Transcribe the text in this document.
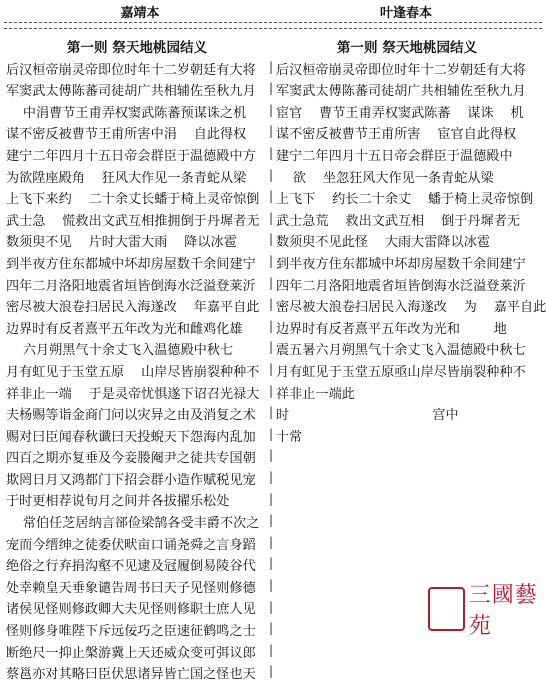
嘉靖本	叶逢春本
第一则 祭天地桃园结义
后汉桓帝崩灵帝即位时年十二岁朝廷有大将
军窦武太傅陈蕃司徒胡广共相辅佐至秋九月
中涓曹节王甫弄权窦武陈蕃预谋诛之机
谋不密反被曹节王甫所害中涓    自此得权
建宁二年四月十五日帝会群臣于温德殿中方
为欲陞座殿角    狂风大作见一条青蛇从梁
上飞下来约    二十余丈长蟠于椅上灵帝惊倒
武士急    慌救出文武互相推拥倒于丹墀者无
数须臾不见    片时大雷大雨    降以冰雹
到半夜方住东都城中坏却房屋数千余间建宁
四年二月洛阳地震省垣皆倒海水泛溢登莱沂
密尽被大浪卷扫居民入海遂改    年嘉平自此
边界时有反者熹平五年改为光和雌鸡化雄
六月朔黑气十余丈飞入温德殿中秋七
月有虹见于玉堂五原    山岸尽皆崩裂种种不
祥非止一端    于是灵帝忧惧遂下诏召光禄大
夫杨赐等诣金商门问以灾异之由及消复之术
赐对曰臣闻春秋谶曰天投蜺天下怨海内乱加
四百之期亦复垂及今妾媵阉尹之徒共专国朝
欺罔日月又鸿都门下招会群小造作赋税见宠
于时更相荐说旬月之间并各拔擢乐松处
常伯任芝居纳言郤俭梁鹄各受丰爵不次之
宠而今缙绅之徒委伏畎亩口诵尧舜之言身蹈
绝俗之行弃捐沟壑不见逮及冠履倒易陵谷代
处幸赖皇天垂象谴告周书曰天子见怪则修德
诸侯见怪则修政卿大夫见怪则修职士庶人见
怪则修身唯陛下斥远佞巧之臣速征鹤鸣之士
断绝尺一抑止槃游冀上天还威众变可弭议郎
蔡邕亦对其略曰臣伏思诸异皆亡国之怪也天
|
|
|
|
|
|
|
|
|
|
|
|
|
|
|
|
|
|
|
|
|
|
|
|
|
|
|
|
|
第一则 祭天地桃园结义
后汉桓帝崩灵帝即位时年十二岁朝廷有大将
军窦武太傅陈蕃司徒胡广共相辅佐至秋九月
宦官    曹节王甫弄权窦武陈蕃    谋诛    机
谋不密反被曹节王甫所害    宦官自此得权
建宁二年四月十五日帝会群臣于温德殿中
欲    坐忽狂风大作见一条青蛇从梁
上飞下    约长二十余丈    蟠于椅上灵帝惊倒
武士急荒    救出文武互相    倒于丹墀者无
数须臾不见此怪    大雨大雷降以冰雹
到半夜方住东都城中坏却房屋数千余间建宁
四年二月洛阳地震省垣皆倒海水泛溢登莱沂
密尽被大浪卷扫居民入海遂改    为    嘉平自此
边界时有反者熹平五年改为光和        地
震五暑六月朔黑气十余丈飞入温德殿中秋七
月有虹见于玉堂五原亟山岸尽皆崩裂种种不
祥非止一端此
时                                  宫中
十常
三國藝苑
